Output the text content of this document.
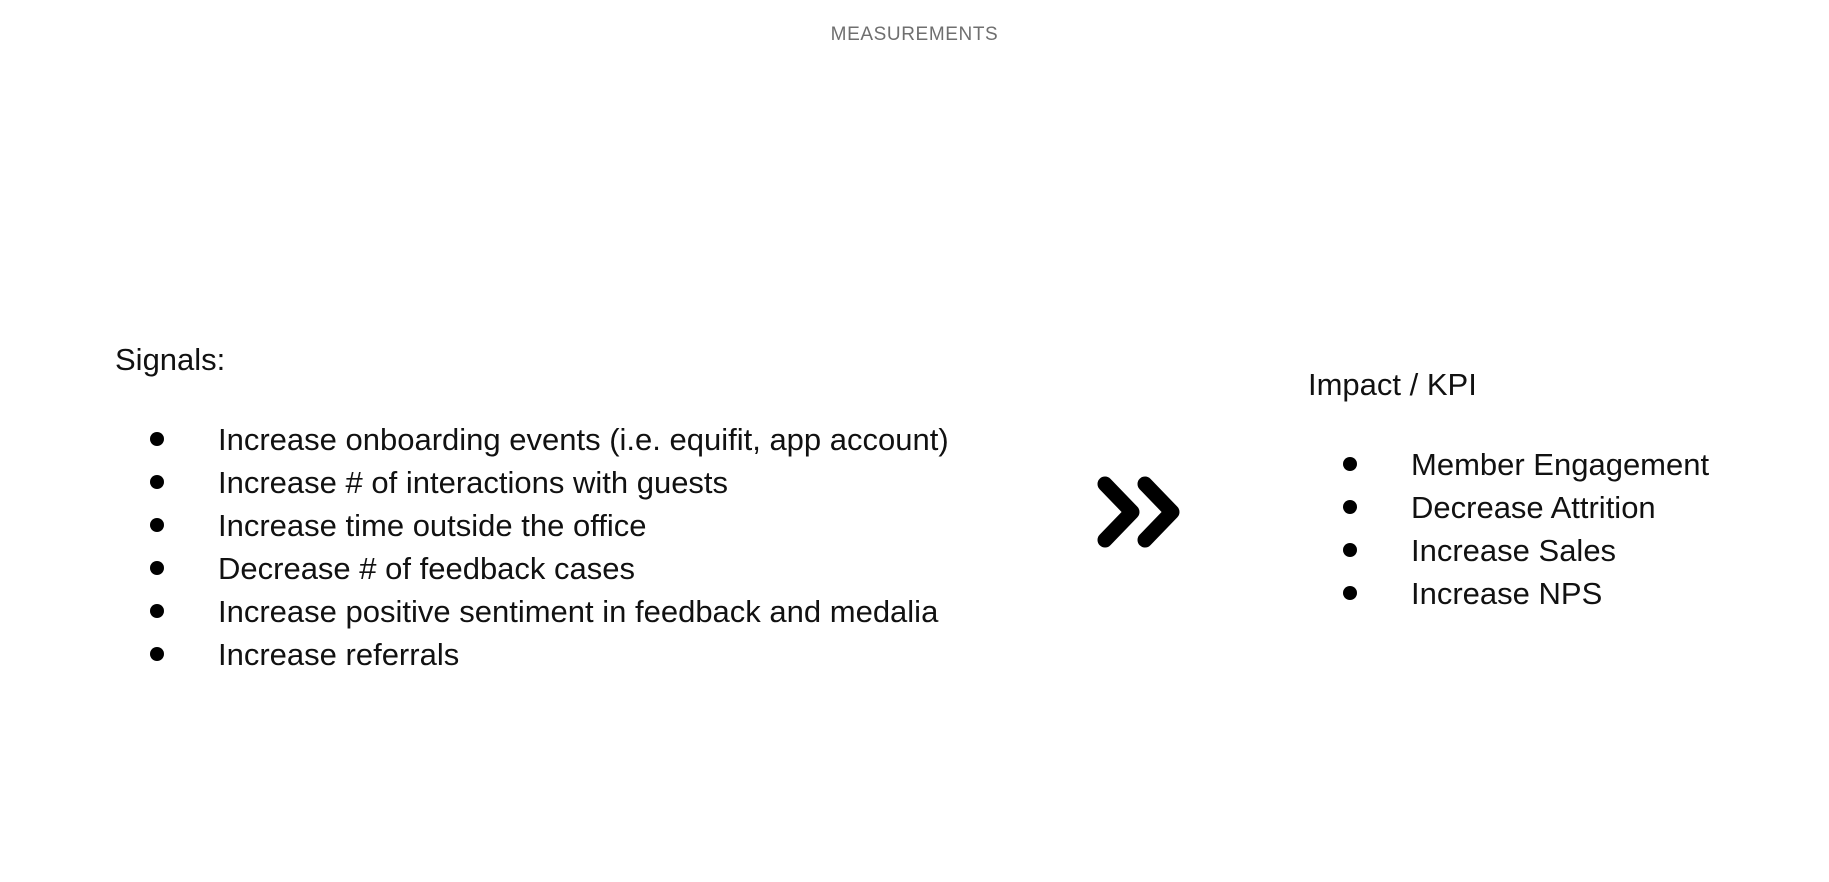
MEASUREMENTS
Signals:
Increase onboarding events (i.e. equifit, app account)
Increase # of interactions with guests
Increase time outside the office
Decrease # of feedback cases
Increase positive sentiment in feedback and medalia
Increase referrals
Impact / KPI
Member Engagement
Decrease Attrition
Increase Sales
Increase NPS
